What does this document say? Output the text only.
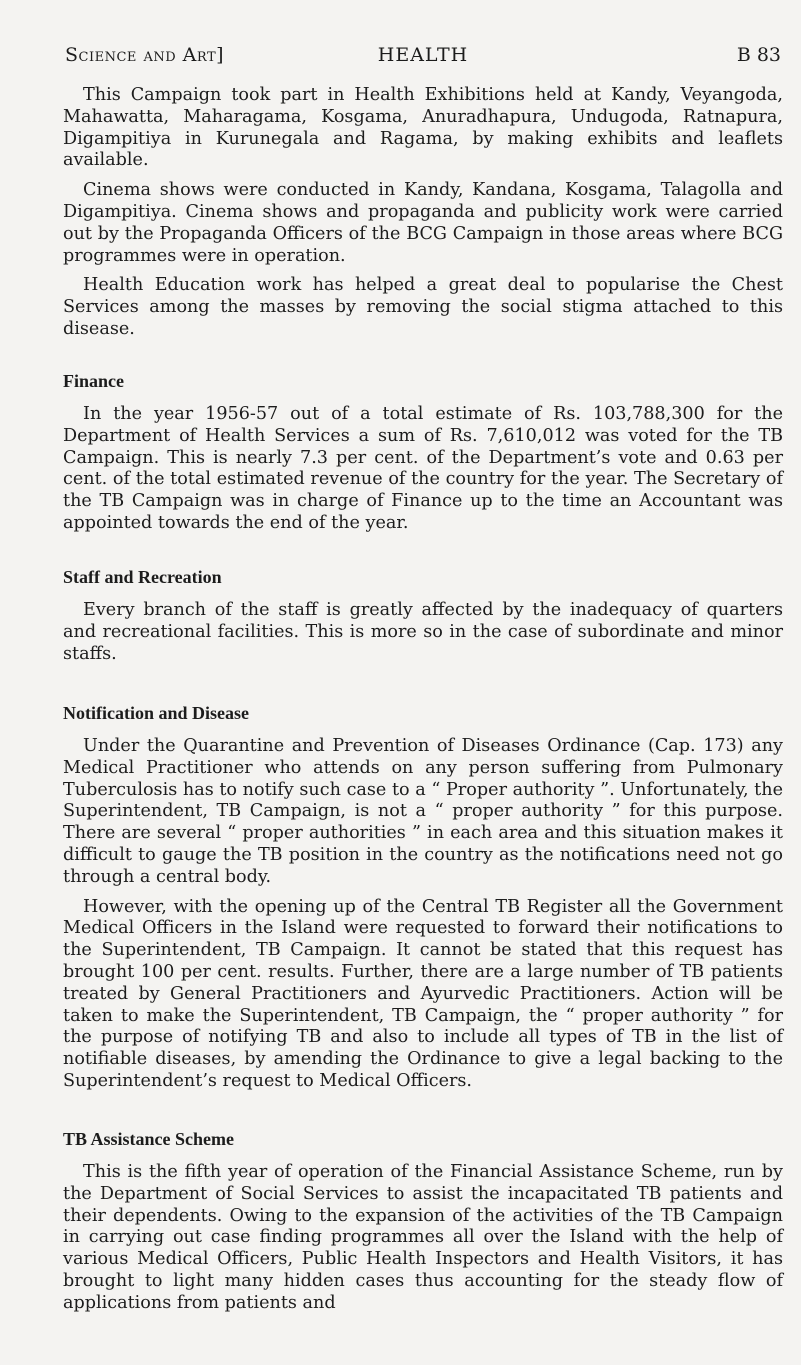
Science and Art]	HEALTH	B 83

This Campaign took part in Health Exhibitions held at Kandy, Veyangoda, Mahawatta, Maharagama, Kosgama, Anuradhapura, Undugoda, Ratnapura, Digampitiya in Kurunegala and Ragama, by making exhibits and leaflets available.

Cinema shows were conducted in Kandy, Kandana, Kosgama, Talagolla and Digampitiya. Cinema shows and propaganda and publicity work were carried out by the Propaganda Officers of the BCG Campaign in those areas where BCG programmes were in operation.

Health Education work has helped a great deal to popularise the Chest Services among the masses by removing the social stigma attached to this disease.

Finance

In the year 1956-57 out of a total estimate of Rs. 103,788,300 for the Department of Health Services a sum of Rs. 7,610,012 was voted for the TB Campaign. This is nearly 7.3 per cent. of the Department’s vote and 0.63 per cent. of the total estimated revenue of the country for the year. The Secretary of the TB Campaign was in charge of Finance up to the time an Accountant was appointed towards the end of the year.

Staff and Recreation

Every branch of the staff is greatly affected by the inadequacy of quarters and recreational facilities. This is more so in the case of subordinate and minor staffs.

Notification and Disease

Under the Quarantine and Prevention of Diseases Ordinance (Cap. 173) any Medical Practitioner who attends on any person suffering from Pulmonary Tuberculosis has to notify such case to a “ Proper authority ”. Unfortunately, the Superintendent, TB Campaign, is not a “ proper authority ” for this purpose. There are several “ proper authorities ” in each area and this situation makes it difficult to gauge the TB position in the country as the notifications need not go through a central body.

However, with the opening up of the Central TB Register all the Government Medical Officers in the Island were requested to forward their notifications to the Superintendent, TB Campaign. It cannot be stated that this request has brought 100 per cent. results. Further, there are a large number of TB patients treated by General Practitioners and Ayurvedic Practitioners. Action will be taken to make the Superintendent, TB Campaign, the “ proper authority ” for the purpose of notifying TB and also to include all types of TB in the list of notifiable diseases, by amending the Ordinance to give a legal backing to the Superintendent’s request to Medical Officers.

TB Assistance Scheme

This is the fifth year of operation of the Financial Assistance Scheme, run by the Department of Social Services to assist the incapacitated TB patients and their dependents. Owing to the expansion of the activities of the TB Campaign in carrying out case finding programmes all over the Island with the help of various Medical Officers, Public Health Inspectors and Health Visitors, it has brought to light many hidden cases thus accounting for the steady flow of applications from patients and
